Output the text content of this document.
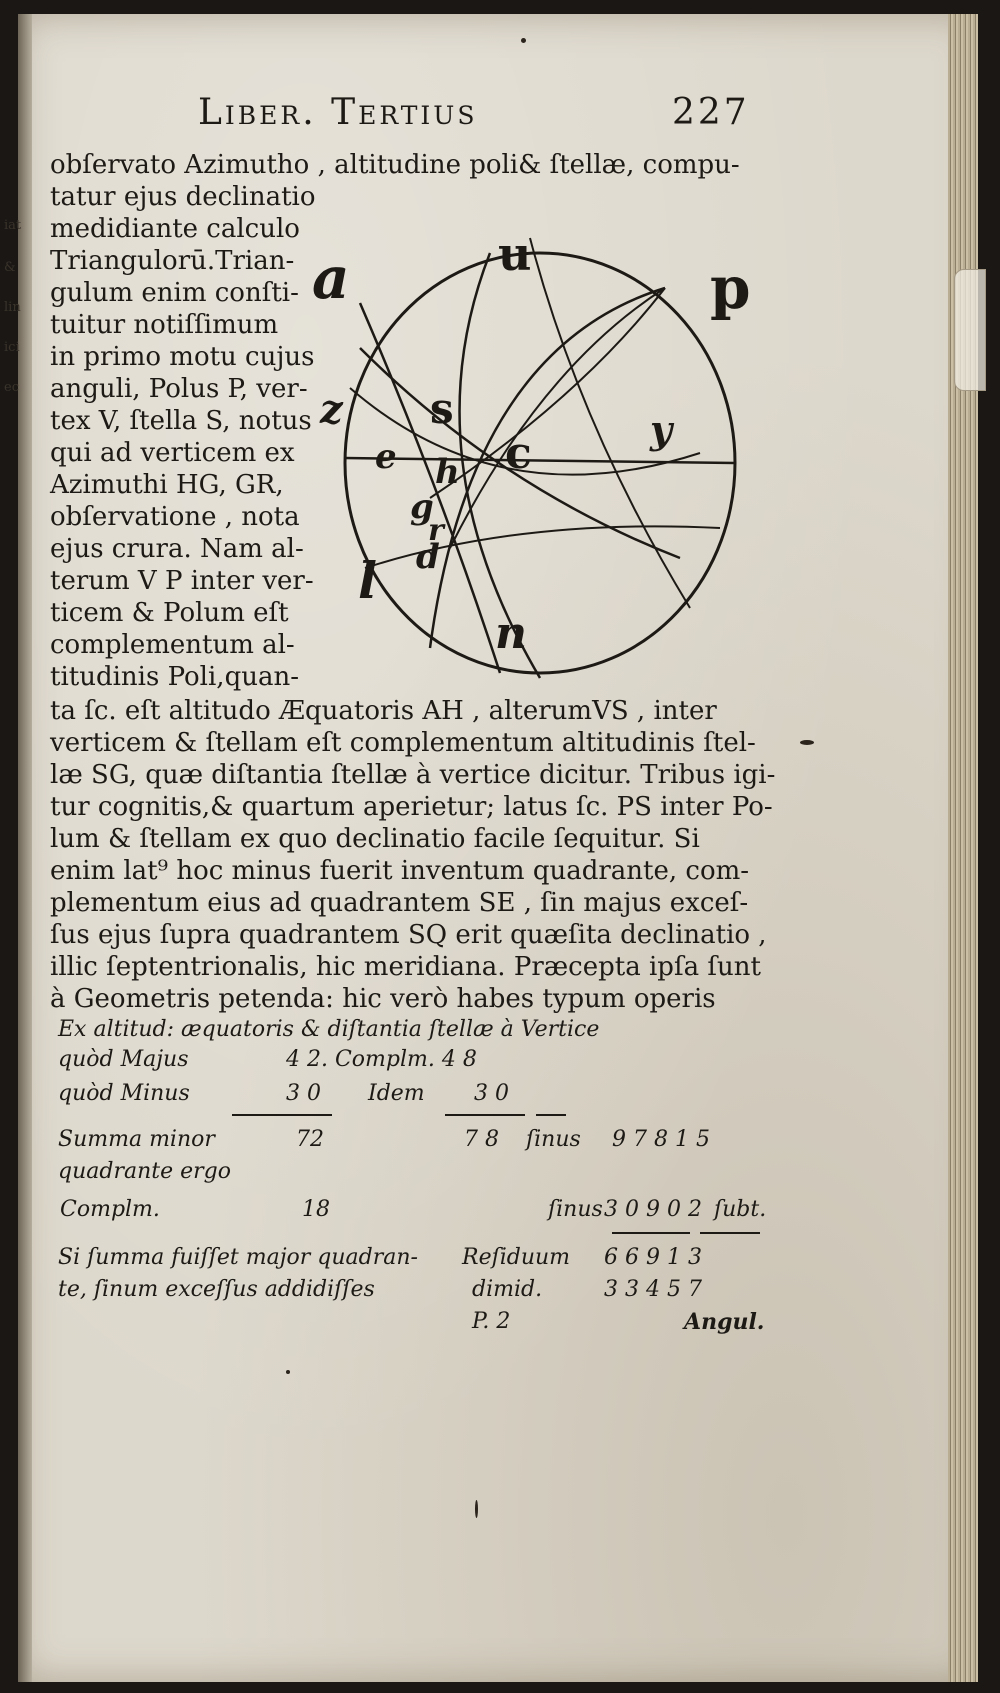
iat
&
lin
ici
ec
Liber. Tertius	227
obſervato Azimutho , altitudine poli& ſtellæ, compu-
tatur ejus declinatio
medidiante calculo
Triangulorū.Trian-
gulum enim conſti-
tuitur notiſſimum
in primo motu cujus
anguli, Polus P, ver-
tex V, ſtella S, notus
qui ad verticem ex
Azimuthi HG, GR,
obſervatione , nota
ejus crura. Nam al-
terum V P inter ver-
ticem & Polum eſt
complementum al-
titudinis Poli,quan-
ta ſc. eſt altitudo Æquatoris AH , alterumVS , inter
verticem & ſtellam eſt complementum altitudinis ſtel-
læ SG, quæ diſtantia ſtellæ à vertice dicitur. Tribus igi-
tur cognitis,& quartum aperietur; latus ſc. PS inter Po-
lum & ſtellam ex quo declinatio facile ſequitur. Si
enim lat⁹ hoc minus fuerit inventum quadrante, com-
plementum eius ad quadrantem SE , ſin majus exceſ-
ſus ejus ſupra quadrantem SQ erit quæſita declinatio ,
illic ſeptentrionalis, hic meridiana. Præcepta ipſa ſunt
à Geometris petenda: hic verò habes typum operis
a	u	p
z s
c	y
e h
g
d
l
n
r
Ex altitud: æquatoris & diſtantia ſtellæ à Vertice
quòd Majus	4 2. Complm. 4 8
quòd Minus	3 0 Idem 3 0
Summa minor	72	7 8 ſinus 9 7 8 1 5
quadrante ergo
Complm.	18	ſinus 3 0 9 0 2 ſubt.
Si ſumma fuiſſet major quadran- Reſiduum 6 6 9 1 3
te, ſinum exceſſus addidiſſes	dimid.	3 3 4 5 7
P. 2	Angul.
